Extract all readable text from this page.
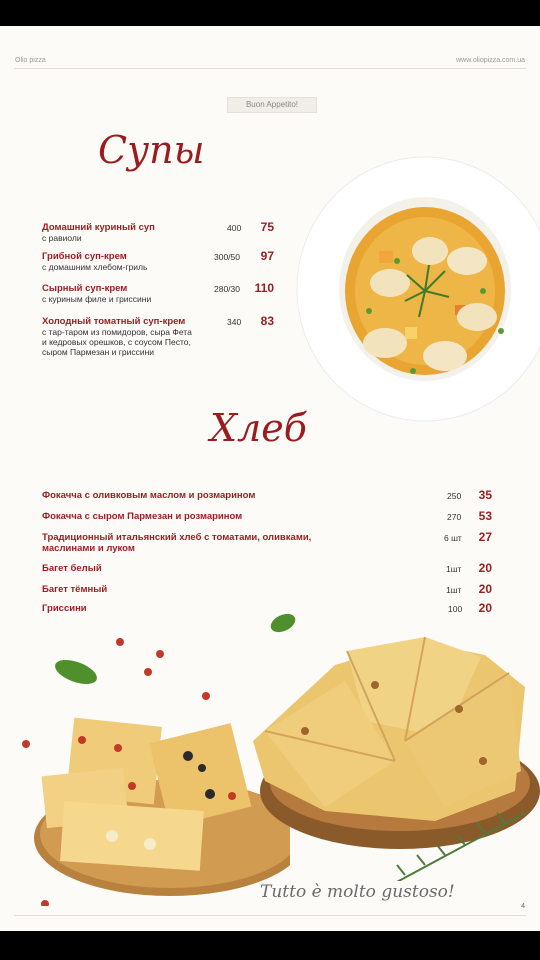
Olio pizza	www.oliopizza.com.ua
Buon Appetito!
Супы
Домашний куриный суп
с равиоли
400 75
Грибной суп-крем
с домашним хлебом-гриль
300/50 97
Сырный суп-крем
с куриным филе и гриссини
280/30 110
Холодный томатный суп-крем
с тар-таром из помидоров, сыра Фета
и кедровых орешков, с соусом Песто,
сыром Пармезан и гриссини
340 83
Хлеб
Фокачча с оливковым маслом и розмарином	250 35
Фокачча с сыром Пармезан и розмарином	270 53
Традиционный итальянский хлеб с томатами, оливками,
маслинами и луком
6 шт 27
Багет белый	1шт 20
Багет тёмный	1шт 20
Гриссини	100 20
Tutto è molto gustoso!
4
